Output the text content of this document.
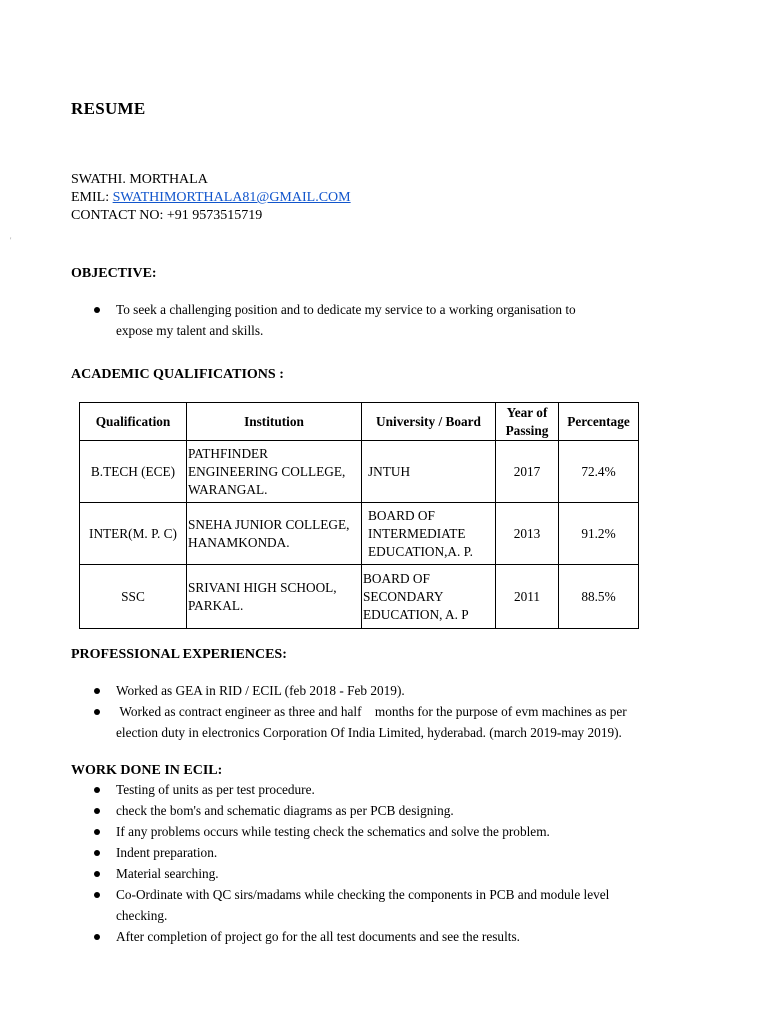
RESUME
SWATHI. MORTHALA
EMIL: SWATHIMORTHALA81@GMAIL.COM
CONTACT NO: +91 9573515719
'
OBJECTIVE:
To seek a challenging position and to dedicate my service to a working organisation to expose my talent and skills.
ACADEMIC QUALIFICATIONS :
Qualification	Institution	University / Board	Year of Passing	Percentage
B.TECH (ECE)	PATHFINDER ENGINEERING COLLEGE, WARANGAL.	JNTUH	2017	72.4%
INTER(M. P. C)	SNEHA JUNIOR COLLEGE, HANAMKONDA.	BOARD OF INTERMEDIATE EDUCATION,A. P.	2013	91.2%
SSC	SRIVANI HIGH SCHOOL, PARKAL.	BOARD OF SECONDARY EDUCATION, A. P	2011	88.5%
PROFESSIONAL EXPERIENCES:
Worked as GEA in RID / ECIL (feb 2018 - Feb 2019).
Worked as contract engineer as three and half    months for the purpose of evm machines as per election duty in electronics Corporation Of India Limited, hyderabad. (march 2019-may 2019).
WORK DONE IN ECIL:
Testing of units as per test procedure.
check the bom's and schematic diagrams as per PCB designing.
If any problems occurs while testing check the schematics and solve the problem.
Indent preparation.
Material searching.
Co-Ordinate with QC sirs/madams while checking the components in PCB and module level checking.
After completion of project go for the all test documents and see the results.
